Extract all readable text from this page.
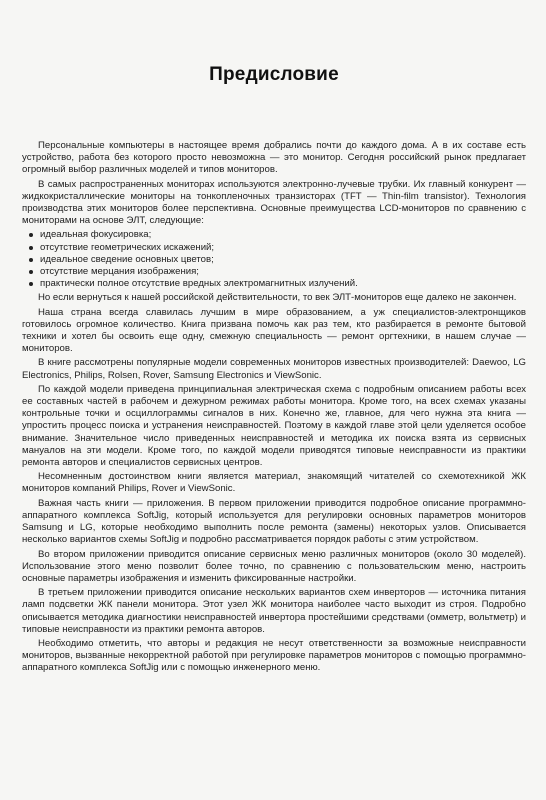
Предисловие

Персональные компьютеры в настоящее время добрались почти до каждого дома. А в их составе есть устройство, работа без которого просто невозможна — это монитор. Сегодня российский рынок предлагает огромный выбор различных моделей и типов мониторов.

В самых распространенных мониторах используются электронно-лучевые трубки. Их главный конкурент — жидкокристаллические мониторы на тонкопленочных транзисторах (TFT — Thin-film transistor). Технология производства этих мониторов более перспективна. Основные преимущества LCD-мониторов по сравнению с мониторами на основе ЭЛТ, следующие:

идеальная фокусировка;
отсутствие геометрических искажений;
идеальное сведение основных цветов;
отсутствие мерцания изображения;
практически полное отсутствие вредных электромагнитных излучений.

Но если вернуться к нашей российской действительности, то век ЭЛТ-мониторов еще далеко не закончен.

Наша страна всегда славилась лучшим в мире образованием, а уж специалистов-электронщиков готовилось огромное количество. Книга призвана помочь как раз тем, кто разбирается в ремонте бытовой техники и хотел бы освоить еще одну, смежную специальность — ремонт оргтехники, в нашем случае — мониторов.

В книге рассмотрены популярные модели современных мониторов известных производителей: Daewoo, LG Electronics, Philips, Rolsen, Rover, Samsung Electronics и ViewSonic.

По каждой модели приведена принципиальная электрическая схема с подробным описанием работы всех ее составных частей в рабочем и дежурном режимах работы монитора. Кроме того, на всех схемах указаны контрольные точки и осциллограммы сигналов в них. Конечно же, главное, для чего нужна эта книга — упростить процесс поиска и устранения неисправностей. Поэтому в каждой главе этой цели уделяется особое внимание. Значительное число приведенных неисправностей и методика их поиска взята из сервисных мануалов на эти модели. Кроме того, по каждой модели приводятся типовые неисправности из практики ремонта авторов и специалистов сервисных центров.

Несомненным достоинством книги является материал, знакомящий читателей со схемотехникой ЖК мониторов компаний Philips, Rover и ViewSonic.

Важная часть книги — приложения. В первом приложении приводится подробное описание программно-аппаратного комплекса SoftJig, который используется для регулировки основных параметров мониторов Samsung и LG, которые необходимо выполнить после ремонта (замены) некоторых узлов. Описывается несколько вариантов схемы SoftJig и подробно рассматривается порядок работы с этим устройством.

Во втором приложении приводится описание сервисных меню различных мониторов (около 30 моделей). Использование этого меню позволит более точно, по сравнению с пользовательским меню, настроить основные параметры изображения и изменить фиксированные настройки.

В третьем приложении приводится описание нескольких вариантов схем инверторов — источника питания ламп подсветки ЖК панели монитора. Этот узел ЖК монитора наиболее часто выходит из строя. Подробно описывается методика диагностики неисправностей инвертора простейшими средствами (омметр, вольтметр) и типовые неисправности из практики ремонта авторов.

Необходимо отметить, что авторы и редакция не несут ответственности за возможные неисправности мониторов, вызванные некорректной работой при регулировке параметров мониторов с помощью программно-аппаратного комплекса SoftJig или с помощью инженерного меню.
